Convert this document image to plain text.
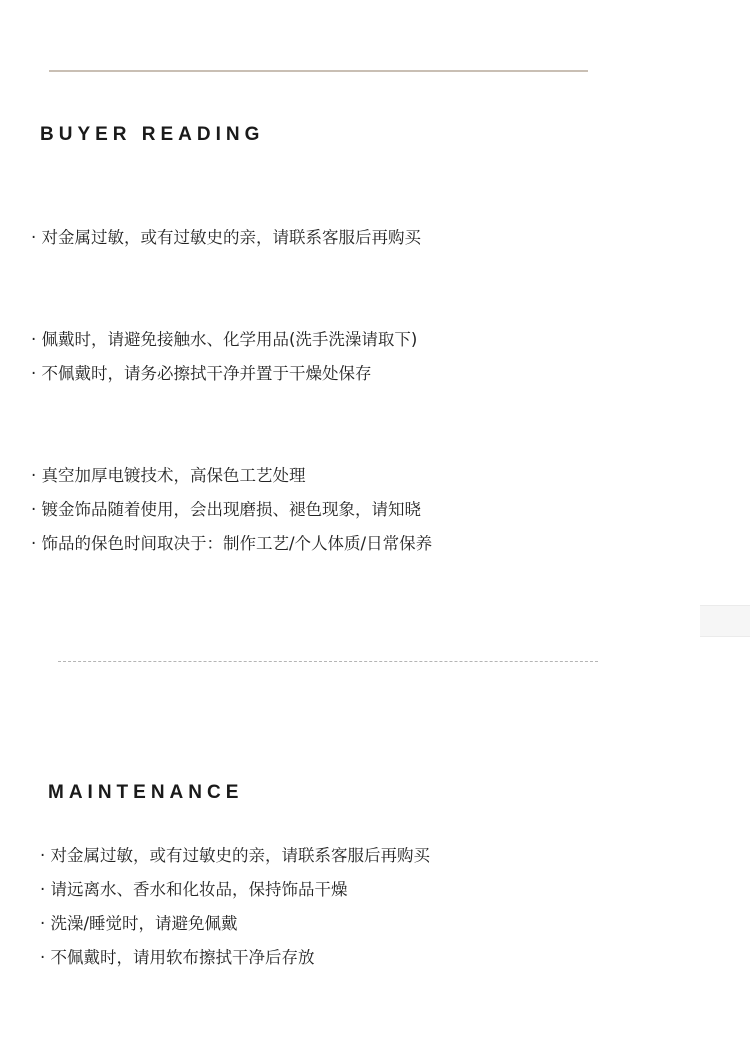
BUYER READING
· 对金属过敏，或有过敏史的亲，请联系客服后再购买
· 佩戴时，请避免接触水、化学用品(洗手洗澡请取下)
· 不佩戴时，请务必擦拭干净并置于干燥处保存
· 真空加厚电镀技术，高保色工艺处理
· 镀金饰品随着使用，会出现磨损、褪色现象，请知晓
· 饰品的保色时间取决于：制作工艺/个人体质/日常保养
MAINTENANCE
· 对金属过敏，或有过敏史的亲，请联系客服后再购买
· 请远离水、香水和化妆品，保持饰品干燥
· 洗澡/睡觉时，请避免佩戴
· 不佩戴时，请用软布擦拭干净后存放
